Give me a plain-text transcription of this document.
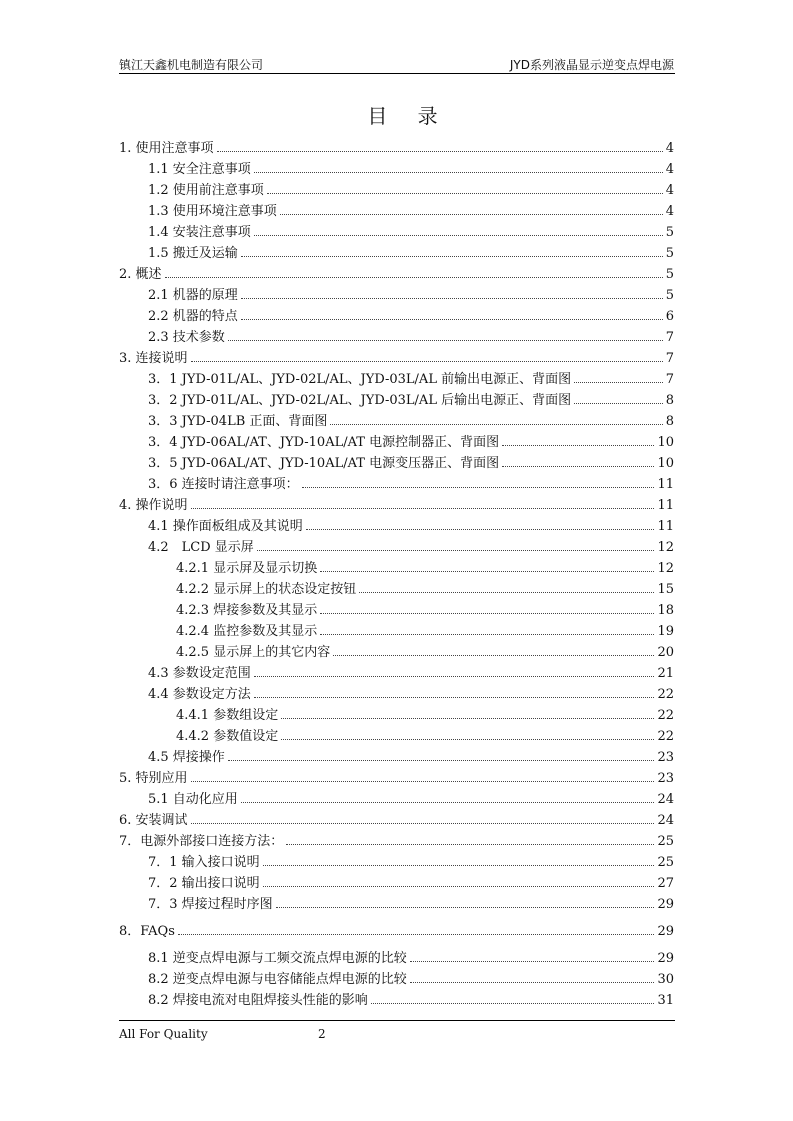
镇江天鑫机电制造有限公司	JYD系列液晶显示逆变点焊电源
目 录
1. 使用注意事项	4
1.1 安全注意事项	4
1.2 使用前注意事项	4
1.3 使用环境注意事项	4
1.4 安装注意事项	5
1.5 搬迁及运输	5
2. 概述	5
2.1 机器的原理	5
2.2 机器的特点	6
2.3 技术参数	7
3. 连接说明	7
3．1 JYD-01L/AL、JYD-02L/AL、JYD-03L/AL 前输出电源正、背面图	7
3．2 JYD-01L/AL、JYD-02L/AL、JYD-03L/AL 后输出电源正、背面图	8
3．3 JYD-04LB 正面、背面图	8
3．4 JYD-06AL/AT、JYD-10AL/AT 电源控制器正、背面图	10
3．5 JYD-06AL/AT、JYD-10AL/AT 电源变压器正、背面图	10
3．6 连接时请注意事项：	11
4. 操作说明	11
4.1 操作面板组成及其说明	11
4.2　LCD 显示屏	12
4.2.1 显示屏及显示切换	12
4.2.2 显示屏上的状态设定按钮	15
4.2.3 焊接参数及其显示	18
4.2.4 监控参数及其显示	19
4.2.5 显示屏上的其它内容	20
4.3 参数设定范围	21
4.4 参数设定方法	22
4.4.1 参数组设定	22
4.4.2 参数值设定	22
4.5 焊接操作	23
5. 特别应用	23
5.1 自动化应用	24
6. 安装调试	24
7．电源外部接口连接方法：	25
7．1 输入接口说明	25
7．2 输出接口说明	27
7．3 焊接过程时序图	29
8．FAQs	29
8.1 逆变点焊电源与工频交流点焊电源的比较	29
8.2 逆变点焊电源与电容储能点焊电源的比较	30
8.2 焊接电流对电阻焊接头性能的影响	31
All For Quality	2
